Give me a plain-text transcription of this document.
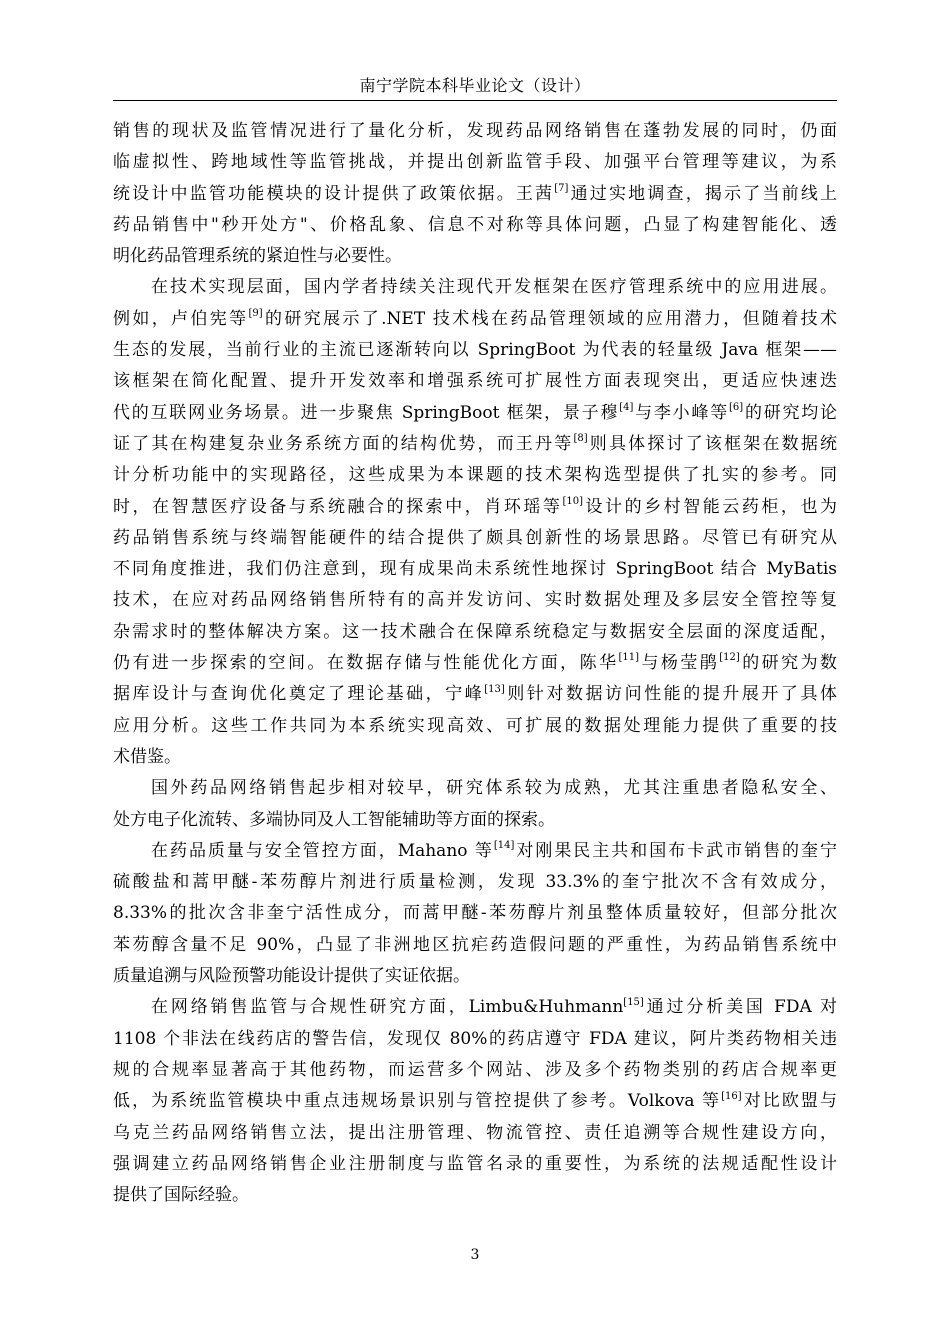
南宁学院本科毕业论文（设计）
销售的现状及监管情况进行了量化分析，发现药品网络销售在蓬勃发展的同时，仍面
临虚拟性、跨地域性等监管挑战，并提出创新监管手段、加强平台管理等建议，为系
统设计中监管功能模块的设计提供了政策依据。王茜[7]通过实地调查，揭示了当前线上
药品销售中"秒开处方"、价格乱象、信息不对称等具体问题，凸显了构建智能化、透
明化药品管理系统的紧迫性与必要性。
在技术实现层面，国内学者持续关注现代开发框架在医疗管理系统中的应用进展。
例如，卢伯宪等[9]的研究展示了.NET 技术栈在药品管理领域的应用潜力，但随着技术
生态的发展，当前行业的主流已逐渐转向以 SpringBoot 为代表的轻量级 Java 框架——
该框架在简化配置、提升开发效率和增强系统可扩展性方面表现突出，更适应快速迭
代的互联网业务场景。进一步聚焦 SpringBoot 框架，景子穆[4]与李小峰等[6]的研究均论
证了其在构建复杂业务系统方面的结构优势，而王丹等[8]则具体探讨了该框架在数据统
计分析功能中的实现路径，这些成果为本课题的技术架构选型提供了扎实的参考。同
时，在智慧医疗设备与系统融合的探索中，肖环瑶等[10]设计的乡村智能云药柜，也为
药品销售系统与终端智能硬件的结合提供了颇具创新性的场景思路。尽管已有研究从
不同角度推进，我们仍注意到，现有成果尚未系统性地探讨 SpringBoot 结合 MyBatis
技术，在应对药品网络销售所特有的高并发访问、实时数据处理及多层安全管控等复
杂需求时的整体解决方案。这一技术融合在保障系统稳定与数据安全层面的深度适配，
仍有进一步探索的空间。在数据存储与性能优化方面，陈华[11]与杨莹鹃[12]的研究为数
据库设计与查询优化奠定了理论基础，宁峰[13]则针对数据访问性能的提升展开了具体
应用分析。这些工作共同为本系统实现高效、可扩展的数据处理能力提供了重要的技
术借鉴。
国外药品网络销售起步相对较早，研究体系较为成熟，尤其注重患者隐私安全、
处方电子化流转、多端协同及人工智能辅助等方面的探索。
在药品质量与安全管控方面，Mahano 等[14]对刚果民主共和国布卡武市销售的奎宁
硫酸盐和蒿甲醚-苯芴醇片剂进行质量检测，发现 33.3%的奎宁批次不含有效成分，
8.33%的批次含非奎宁活性成分，而蒿甲醚-苯芴醇片剂虽整体质量较好，但部分批次
苯芴醇含量不足 90%，凸显了非洲地区抗疟药造假问题的严重性，为药品销售系统中
质量追溯与风险预警功能设计提供了实证依据。
在网络销售监管与合规性研究方面，Limbu&Huhmann[15]通过分析美国 FDA 对
1108 个非法在线药店的警告信，发现仅 80%的药店遵守 FDA 建议，阿片类药物相关违
规的合规率显著高于其他药物，而运营多个网站、涉及多个药物类别的药店合规率更
低，为系统监管模块中重点违规场景识别与管控提供了参考。Volkova 等[16]对比欧盟与
乌克兰药品网络销售立法，提出注册管理、物流管控、责任追溯等合规性建设方向，
强调建立药品网络销售企业注册制度与监管名录的重要性，为系统的法规适配性设计
提供了国际经验。
3
